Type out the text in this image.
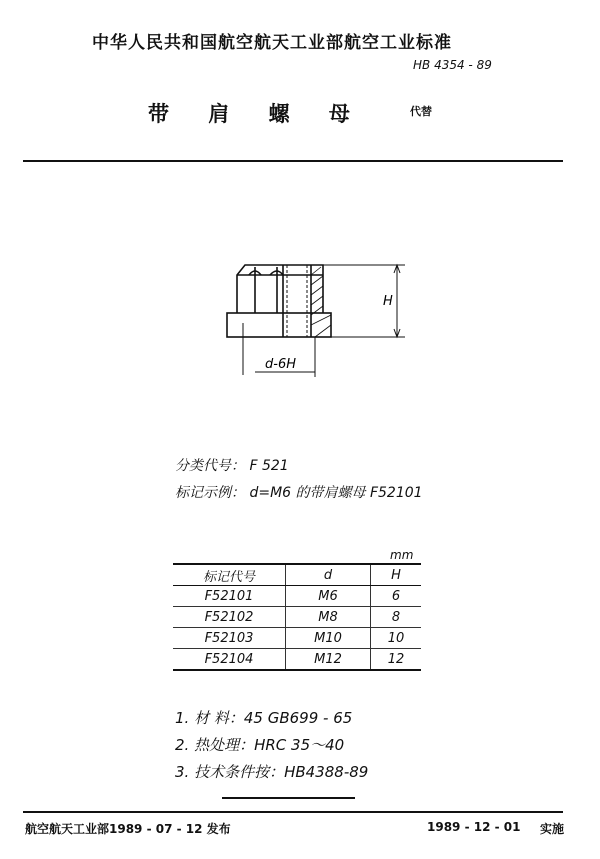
中华人民共和国航空航天工业部航空工业标准
HB 4354 - 89
带 肩 螺 母	代替
H
d-6H
分类代号： F 521
标记示例： d=M6 的带肩螺母 F52101
mm
标记代号	d	H
F52101	M6	6
F52102	M8	8
F52103	M10	10
F52104	M12	12
1. 材 料：45 GB699 - 65
2. 热处理：HRC 35～40
3. 技术条件按：HB4388-89
航空航天工业部1989 - 07 - 12 发布	1989 - 12 - 01 实施
